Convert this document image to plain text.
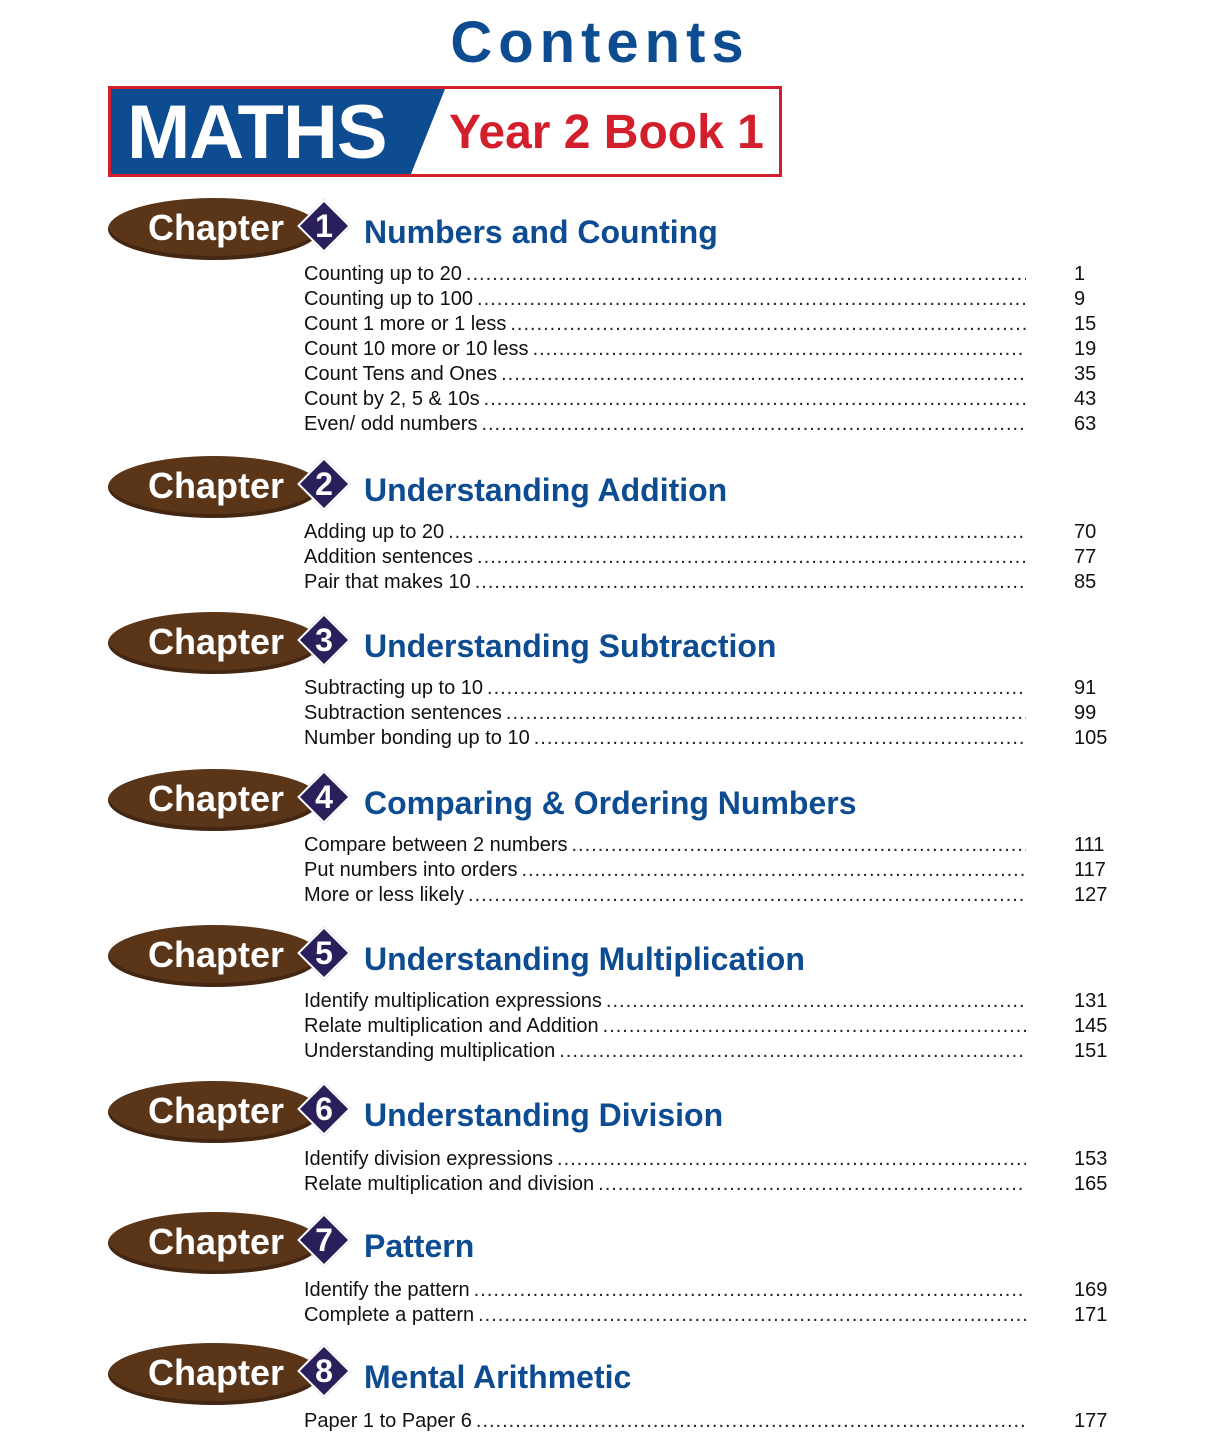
Contents
MATHS Year 2 Book 1
Chapter 1 Numbers and Counting
Counting up to 20 .....	1
Counting up to 100 .....	9
Count 1 more or 1 less .....	15
Count 10 more or 10 less .....	19
Count Tens and Ones .....	35
Count by 2, 5 & 10s .....	43
Even/ odd numbers .....	63
Chapter 2 Understanding Addition
Adding up to 20 .....	70
Addition sentences .....	77
Pair that makes 10 .....	85
Chapter 3 Understanding Subtraction
Subtracting up to 10 .....	91
Subtraction sentences .....	99
Number bonding up to 10 .....	105
Chapter 4 Comparing & Ordering Numbers
Compare between 2 numbers .....	111
Put numbers into orders .....	117
More or less likely .....	127
Chapter 5 Understanding Multiplication
Identify multiplication expressions .....	131
Relate multiplication and Addition .....	145
Understanding multiplication .....	151
Chapter 6 Understanding Division
Identify division expressions .....	153
Relate multiplication and division .....	165
Chapter 7 Pattern
Identify the pattern .....	169
Complete a pattern .....	171
Chapter 8 Mental Arithmetic
Paper 1 to Paper 6 .....	177
